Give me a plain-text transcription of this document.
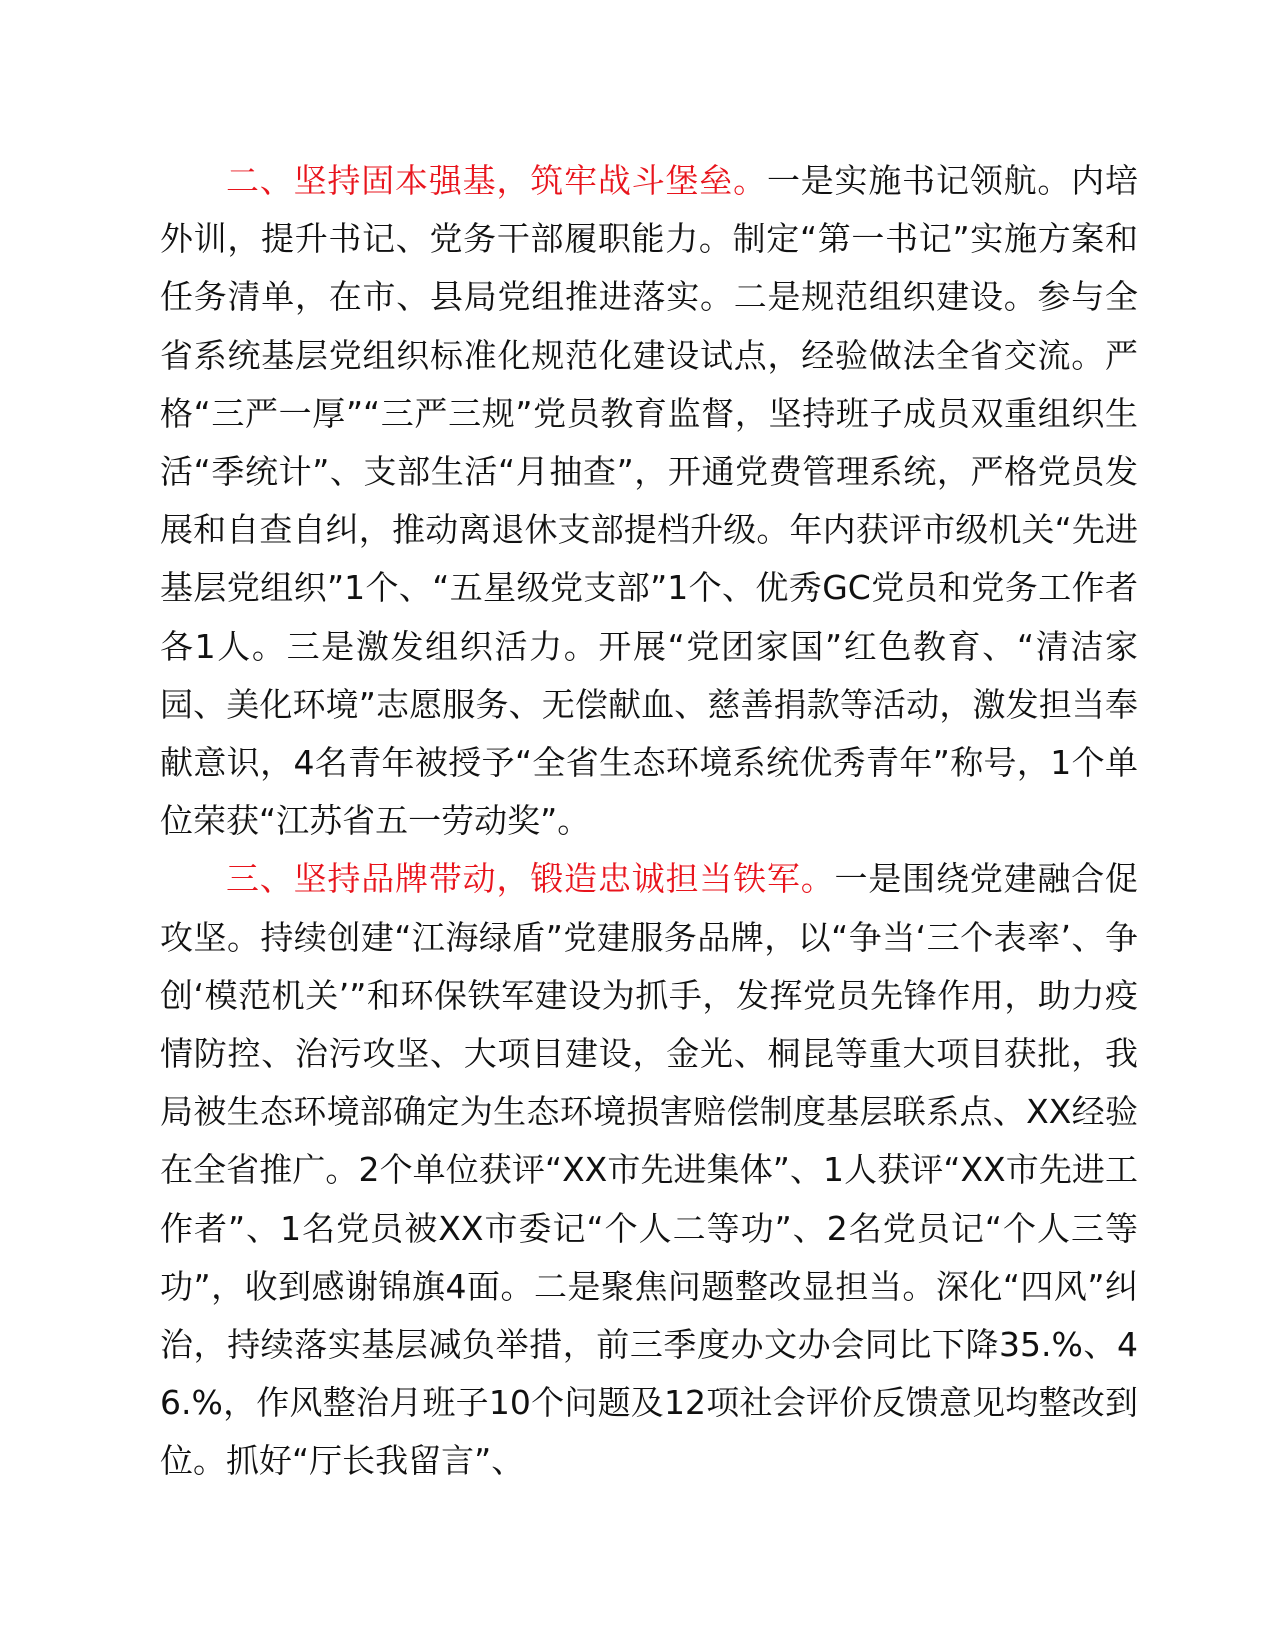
二、坚持固本强基，筑牢战斗堡垒。一是实施书记领航。内培外训，提升书记、党务干部履职能力。制定“第一书记”实施方案和任务清单，在市、县局党组推进落实。二是规范组织建设。参与全省系统基层党组织标准化规范化建设试点，经验做法全省交流。严格“三严一厚”“三严三规”党员教育监督，坚持班子成员双重组织生活“季统计”、支部生活“月抽查”，开通党费管理系统，严格党员发展和自查自纠，推动离退休支部提档升级。年内获评市级机关“先进基层党组织”1个、“五星级党支部”1个、优秀GC党员和党务工作者各1人。三是激发组织活力。开展“党团家国”红色教育、“清洁家园、美化环境”志愿服务、无偿献血、慈善捐款等活动，激发担当奉献意识，4名青年被授予“全省生态环境系统优秀青年”称号，1个单位荣获“江苏省五一劳动奖”。

三、坚持品牌带动，锻造忠诚担当铁军。一是围绕党建融合促攻坚。持续创建“江海绿盾”党建服务品牌，以“争当‘三个表率’、争创‘模范机关’”和环保铁军建设为抓手，发挥党员先锋作用，助力疫情防控、治污攻坚、大项目建设，金光、桐昆等重大项目获批，我局被生态环境部确定为生态环境损害赔偿制度基层联系点、XX经验在全省推广。2个单位获评“XX市先进集体”、1人获评“XX市先进工作者”、1名党员被XX市委记“个人二等功”、2名党员记“个人三等功”，收到感谢锦旗4面。二是聚焦问题整改显担当。深化“四风”纠治，持续落实基层减负举措，前三季度办文办会同比下降35.%、46.%，作风整治月班子10个问题及12项社会评价反馈意见均整改到位。抓好“厅长我留言”、
